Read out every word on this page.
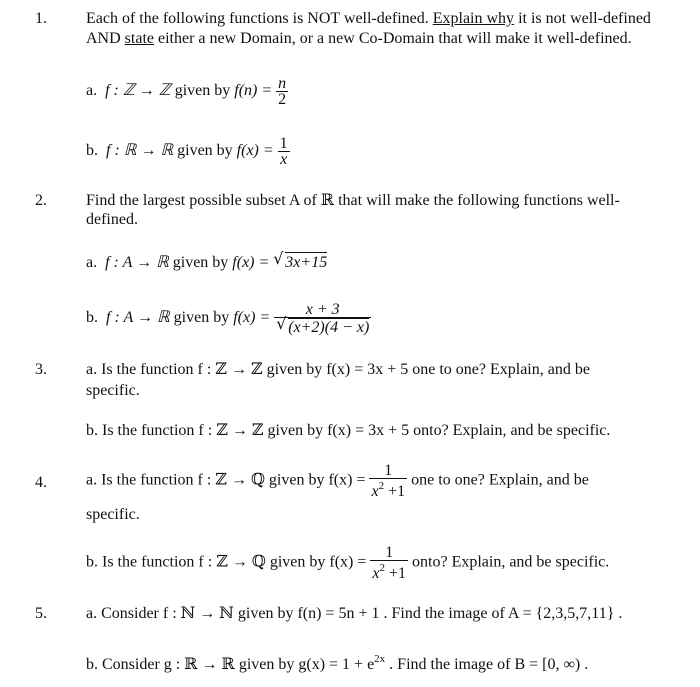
1. Each of the following functions is NOT well-defined. Explain why it is not well-defined
AND state either a new Domain, or a new Co-Domain that will make it well-defined.
a. f : ℤ → ℤ given by $f(n) = \frac{n}{2}$
b. f : ℝ → ℝ given by $f(x) = \frac{1}{x}$
2. Find the largest possible subset A of ℝ that will make the following functions well-
defined.
a. f : A → ℝ given by f(x) = √ 3x+15
b. f : A → ℝ given by $f(x) = \frac{x + 3}{√ (x+2)(4 - x)}$
3. a. Is the function f : ℤ → ℤ given by f(x) = 3x + 5 one to one? Explain, and be
specific.
b. Is the function f : ℤ → ℤ given by f(x) = 3x + 5 onto? Explain, and be specific.
4. a. Is the function f : ℤ → ℚ given by $f(x) = \frac{1}{x^2 +1}$ one to one? Explain, and be
specific.
b. Is the function f : ℤ → ℚ given by $f(x) = \frac{1}{x^2 +1}$ onto? Explain, and be specific.
5. a. Consider f : ℕ → ℕ given by f(n) = 5n + 1 . Find the image of A = {2,3,5,7,11} .
b. Consider g : ℝ → ℝ given by $g(x) = 1 + e^{2x}$ . Find the image of B = [0, ∞) .
